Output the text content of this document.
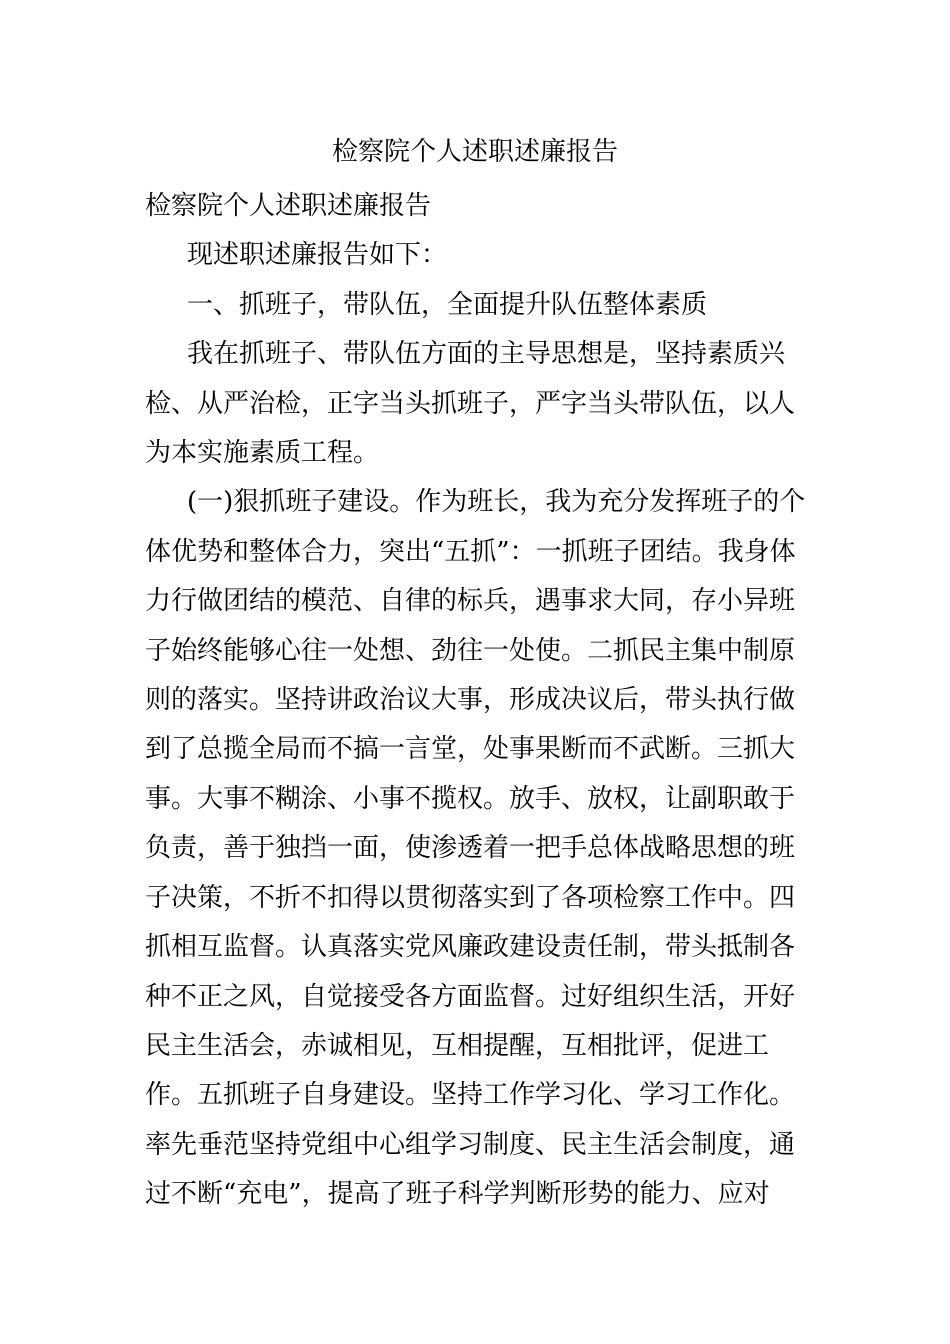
检察院个人述职述廉报告

检察院个人述职述廉报告

现述职述廉报告如下：

一、抓班子，带队伍，全面提升队伍整体素质

我在抓班子、带队伍方面的主导思想是，坚持素质兴检、从严治检，正字当头抓班子，严字当头带队伍，以人为本实施素质工程。

(一)狠抓班子建设。作为班长，我为充分发挥班子的个体优势和整体合力，突出“五抓”：一抓班子团结。我身体力行做团结的模范、自律的标兵，遇事求大同，存小异班子始终能够心往一处想、劲往一处使。二抓民主集中制原则的落实。坚持讲政治议大事，形成决议后，带头执行做到了总揽全局而不搞一言堂，处事果断而不武断。三抓大事。大事不糊涂、小事不揽权。放手、放权，让副职敢于负责，善于独挡一面，使渗透着一把手总体战略思想的班子决策，不折不扣得以贯彻落实到了各项检察工作中。四抓相互监督。认真落实党风廉政建设责任制，带头抵制各种不正之风，自觉接受各方面监督。过好组织生活，开好民主生活会，赤诚相见，互相提醒，互相批评，促进工作。五抓班子自身建设。坚持工作学习化、学习工作化。率先垂范坚持党组中心组学习制度、民主生活会制度，通过不断“充电”，提高了班子科学判断形势的能力、应对
